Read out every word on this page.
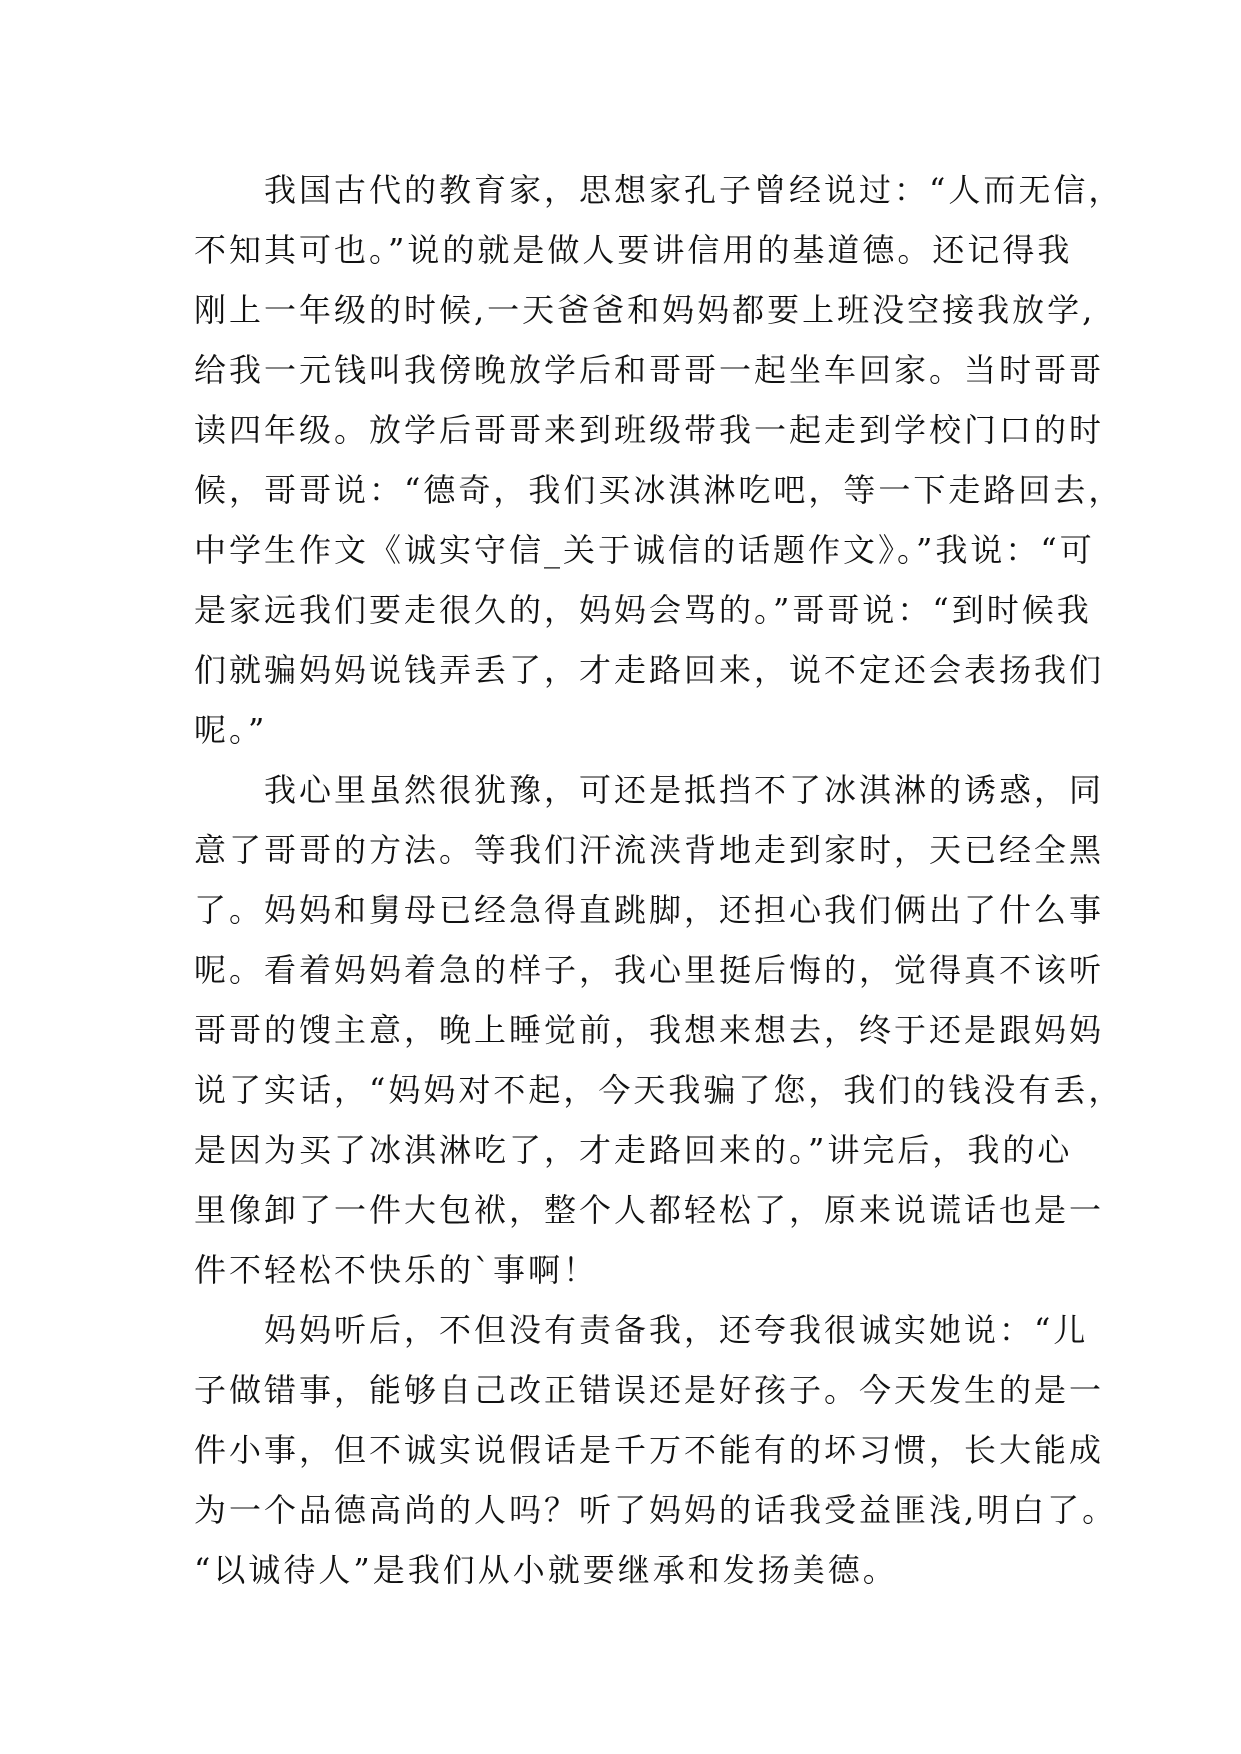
我国古代的教育家，思想家孔子曾经说过：“人而无信，
不知其可也。”说的就是做人要讲信用的基道德。还记得我
刚上一年级的时候,一天爸爸和妈妈都要上班没空接我放学,
给我一元钱叫我傍晚放学后和哥哥一起坐车回家。当时哥哥
读四年级。放学后哥哥来到班级带我一起走到学校门口的时
候，哥哥说：“德奇，我们买冰淇淋吃吧，等一下走路回去，
中学生作文《诚实守信_关于诚信的话题作文》。”我说：“可
是家远我们要走很久的，妈妈会骂的。”哥哥说：“到时候我
们就骗妈妈说钱弄丢了，才走路回来，说不定还会表扬我们
呢。”
我心里虽然很犹豫，可还是抵挡不了冰淇淋的诱惑，同
意了哥哥的方法。等我们汗流浃背地走到家时，天已经全黑
了。妈妈和舅母已经急得直跳脚，还担心我们俩出了什么事
呢。看着妈妈着急的样子，我心里挺后悔的，觉得真不该听
哥哥的馊主意，晚上睡觉前，我想来想去，终于还是跟妈妈
说了实话，“妈妈对不起，今天我骗了您，我们的钱没有丢，
是因为买了冰淇淋吃了，才走路回来的。”讲完后，我的心
里像卸了一件大包袱，整个人都轻松了，原来说谎话也是一
件不轻松不快乐的`事啊！
妈妈听后，不但没有责备我，还夸我很诚实她说：“儿
子做错事，能够自己改正错误还是好孩子。今天发生的是一
件小事，但不诚实说假话是千万不能有的坏习惯，长大能成
为一个品德高尚的人吗？听了妈妈的话我受益匪浅,明白了。
“以诚待人”是我们从小就要继承和发扬美德。
